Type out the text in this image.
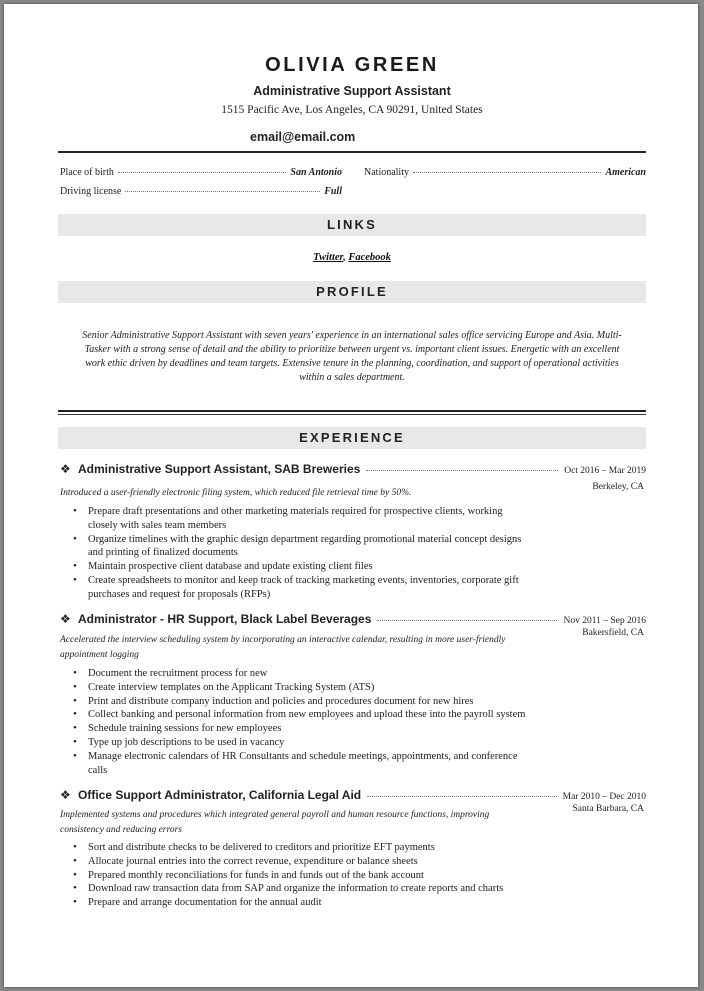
OLIVIA GREEN
Administrative Support Assistant
1515 Pacific Ave, Los Angeles, CA 90291, United States
email@email.com
Place of birth	San Antonio Nationality	American
Driving license	Full
LINKS
Twitter, Facebook
PROFILE
Senior Administrative Support Assistant with seven years' experience in an international sales office servicing Europe and Asia. Multi-Tasker with a strong sense of detail and the ability to prioritize between urgent vs. important client issues. Energetic with an excellent work ethic driven by deadlines and team targets. Extensive tenure in the planning, coordination, and support of operational activities within a sales department.
EXPERIENCE
❖ Administrative Support Assistant, SAB Breweries	Oct 2016 – Mar 2019
Berkeley, CA
Introduced a user-friendly electronic filing system, which reduced file retrieval time by 50%.
• Prepare draft presentations and other marketing materials required for prospective clients, working closely with sales team members
• Organize timelines with the graphic design department regarding promotional material concept designs and printing of finalized documents
• Maintain prospective client database and update existing client files
• Create spreadsheets to monitor and keep track of tracking marketing events, inventories, corporate gift purchases and request for proposals (RFPs)
❖ Administrator - HR Support, Black Label Beverages	Nov 2011 – Sep 2016
Bakersfield, CA
Accelerated the interview scheduling system by incorporating an interactive calendar, resulting in more user-friendly appointment logging
• Document the recruitment process for new
• Create interview templates on the Applicant Tracking System (ATS)
• Print and distribute company induction and policies and procedures document for new hires
• Collect banking and personal information from new employees and upload these into the payroll system
• Schedule training sessions for new employees
• Type up job descriptions to be used in vacancy
• Manage electronic calendars of HR Consultants and schedule meetings, appointments, and conference calls
❖ Office Support Administrator, California Legal Aid	Mar 2010 – Dec 2010
Santa Barbara, CA
Implemented systems and procedures which integrated general payroll and human resource functions, improving consistency and reducing errors
• Sort and distribute checks to be delivered to creditors and prioritize EFT payments
• Allocate journal entries into the correct revenue, expenditure or balance sheets
• Prepared monthly reconciliations for funds in and funds out of the bank account
• Download raw transaction data from SAP and organize the information to create reports and charts
• Prepare and arrange documentation for the annual audit
